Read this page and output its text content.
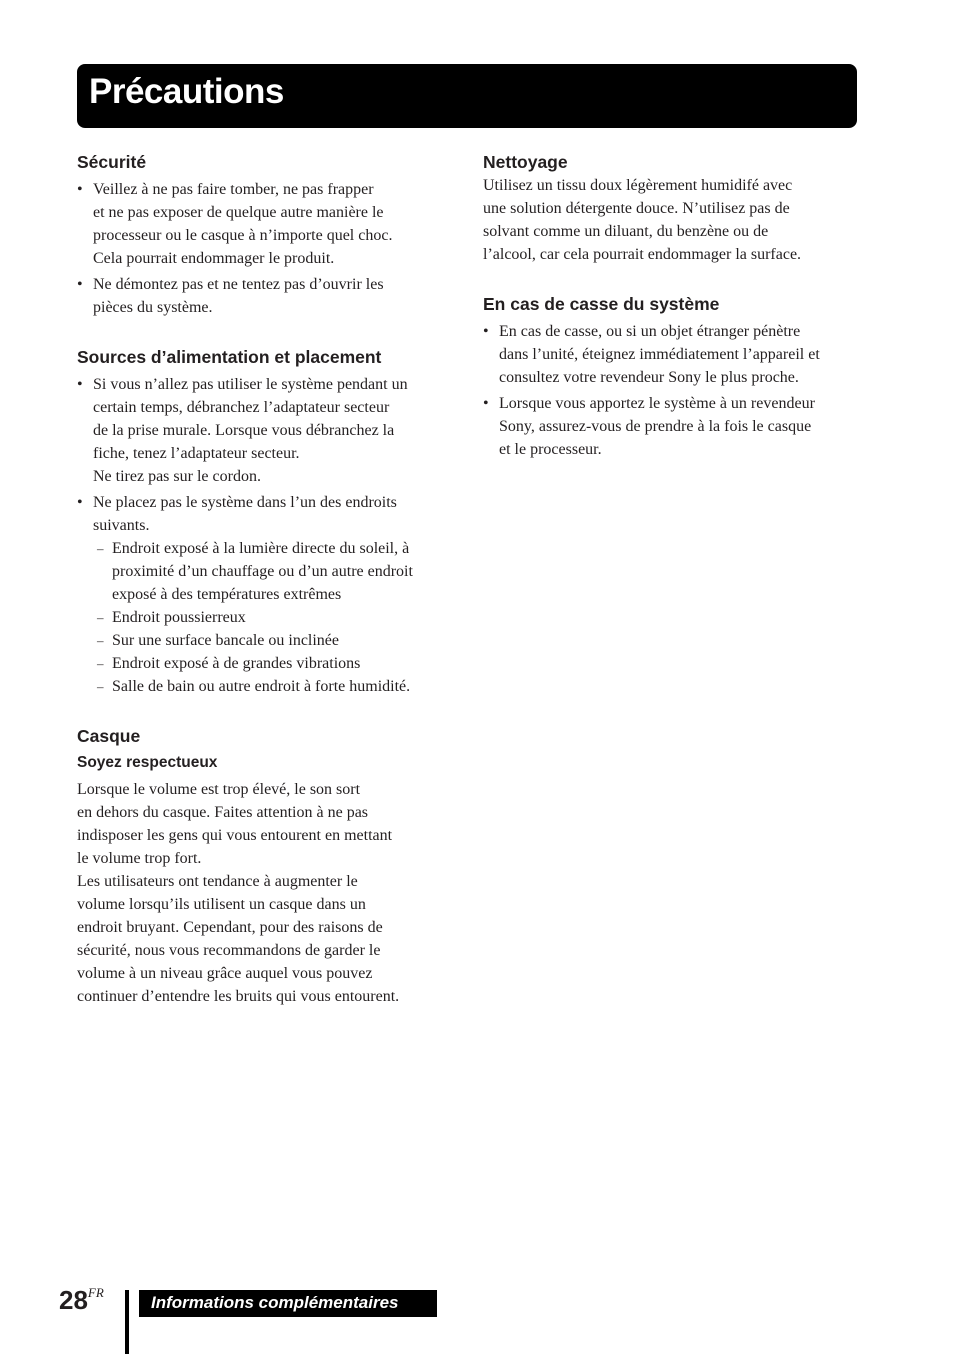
Précautions
Sécurité
• Veillez à ne pas faire tomber, ne pas frapper
et ne pas exposer de quelque autre manière le
processeur ou le casque à n’importe quel choc.
Cela pourrait endommager le produit.
• Ne démontez pas et ne tentez pas d’ouvrir les
pièces du système.
Sources d’alimentation et placement
• Si vous n’allez pas utiliser le système pendant un
certain temps, débranchez l’adaptateur secteur
de la prise murale. Lorsque vous débranchez la
fiche, tenez l’adaptateur secteur.
Ne tirez pas sur le cordon.
• Ne placez pas le système dans l’un des endroits
suivants.
– Endroit exposé à la lumière directe du soleil, à
proximité d’un chauffage ou d’un autre endroit
exposé à des températures extrêmes
– Endroit poussierreux
– Sur une surface bancale ou inclinée
– Endroit exposé à de grandes vibrations
– Salle de bain ou autre endroit à forte humidité.
Casque
Soyez respectueux

Lorsque le volume est trop élevé, le son sort
en dehors du casque. Faites attention à ne pas
indisposer les gens qui vous entourent en mettant
le volume trop fort.
Les utilisateurs ont tendance à augmenter le
volume lorsqu’ils utilisent un casque dans un
endroit bruyant. Cependant, pour des raisons de
sécurité, nous vous recommandons de garder le
volume à un niveau grâce auquel vous pouvez
continuer d’entendre les bruits qui vous entourent.

Nettoyage

Utilisez un tissu doux légèrement humidifé avec
une solution détergente douce. N’utilisez pas de
solvant comme un diluant, du benzène ou de
l’alcool, car cela pourrait endommager la surface.

En cas de casse du système
• En cas de casse, ou si un objet étranger pénètre
dans l’unité, éteignez immédiatement l’appareil et
consultez votre revendeur Sony le plus proche.
• Lorsque vous apportez le système à un revendeur
Sony, assurez-vous de prendre à la fois le casque
et le processeur.
$28^{FR}$
Informations complémentaires
